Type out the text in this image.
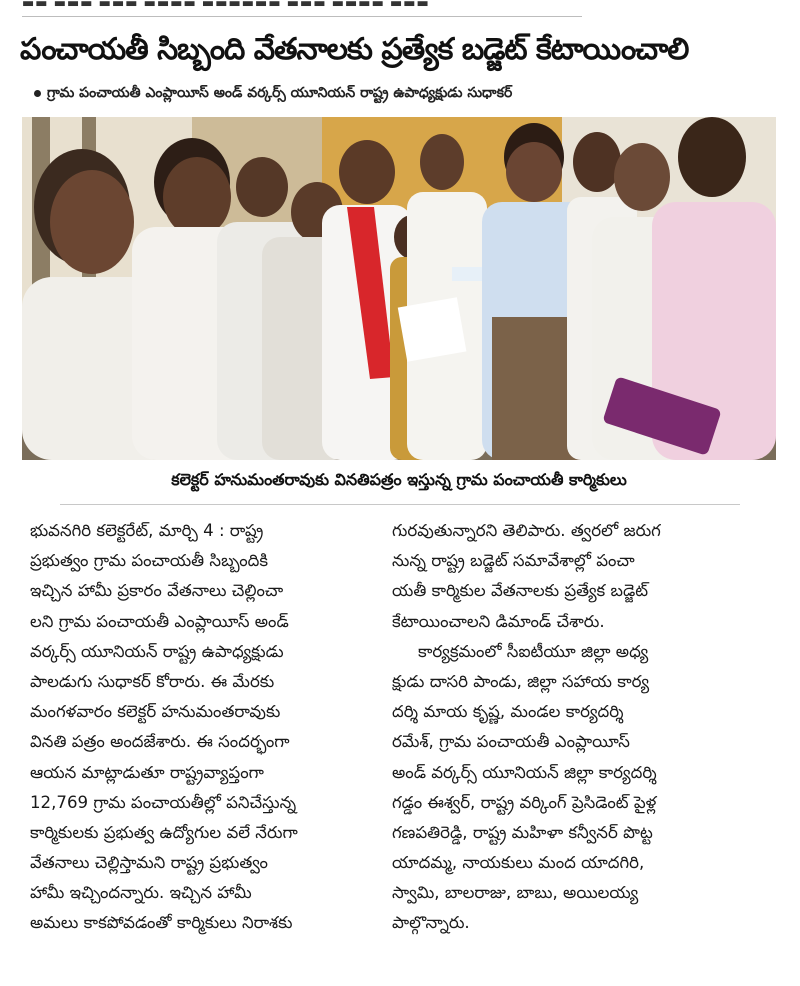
▬▬ ▬▬▬ ▬▬▬ ▬▬▬▬ ▬▬▬▬▬▬ ▬▬▬ ▬▬▬▬ ▬▬▬
పంచాయతీ సిబ్బంది వేతనాలకు ప్రత్యేక బడ్జెట్ కేటాయించాలి
గ్రామ పంచాయతీ ఎంప్లాయీస్ అండ్ వర్కర్స్ యూనియన్ రాష్ట్ర ఉపాధ్యక్షుడు సుధాకర్
కలెక్టర్ హనుమంతరావుకు వినతిపత్రం ఇస్తున్న గ్రామ పంచాయతీ కార్మికులు
భువనగిరి కలెక్టరేట్, మార్చి 4 : రాష్ట్ర
ప్రభుత్వం గ్రామ పంచాయతీ సిబ్బందికి
ఇచ్చిన హామీ ప్రకారం వేతనాలు చెల్లించా
లని గ్రామ పంచాయతీ ఎంప్లాయీస్ అండ్
వర్కర్స్ యూనియన్ రాష్ట్ర ఉపాధ్యక్షుడు
పాలడుగు సుధాకర్ కోరారు. ఈ మేరకు
మంగళవారం కలెక్టర్ హనుమంతరావుకు
వినతి పత్రం అందజేశారు. ఈ సందర్భంగా
ఆయన మాట్లాడుతూ రాష్ట్రవ్యాప్తంగా
12,769 గ్రామ పంచాయతీల్లో పనిచేస్తున్న
కార్మికులకు ప్రభుత్వ ఉద్యోగుల వలే నేరుగా
వేతనాలు చెల్లిస్తామని రాష్ట్ర ప్రభుత్వం
హామీ ఇచ్చిందన్నారు. ఇచ్చిన హామీ
అమలు కాకపోవడంతో కార్మికులు నిరాశకు
గురవుతున్నారని తెలిపారు. త్వరలో జరుగ
నున్న రాష్ట్ర బడ్జెట్ సమావేశాల్లో పంచా
యతీ కార్మికుల వేతనాలకు ప్రత్యేక బడ్జెట్
కేటాయించాలని డిమాండ్ చేశారు.
కార్యక్రమంలో సీఐటీయూ జిల్లా అధ్య
క్షుడు దాసరి పాండు, జిల్లా సహాయ కార్య
దర్శి మాయ కృష్ణ, మండల కార్యదర్శి
రమేశ్, గ్రామ పంచాయతీ ఎంప్లాయీస్
అండ్ వర్కర్స్ యూనియన్ జిల్లా కార్యదర్శి
గడ్డం ఈశ్వర్, రాష్ట్ర వర్కింగ్ ప్రెసిడెంట్ పైళ్ల
గణపతిరెడ్డి, రాష్ట్ర మహిళా కన్వీనర్ పొట్ట
యాదమ్మ, నాయకులు మంద యాదగిరి,
స్వామి, బాలరాజు, బాబు, అయిలయ్య
పాల్గొన్నారు.
